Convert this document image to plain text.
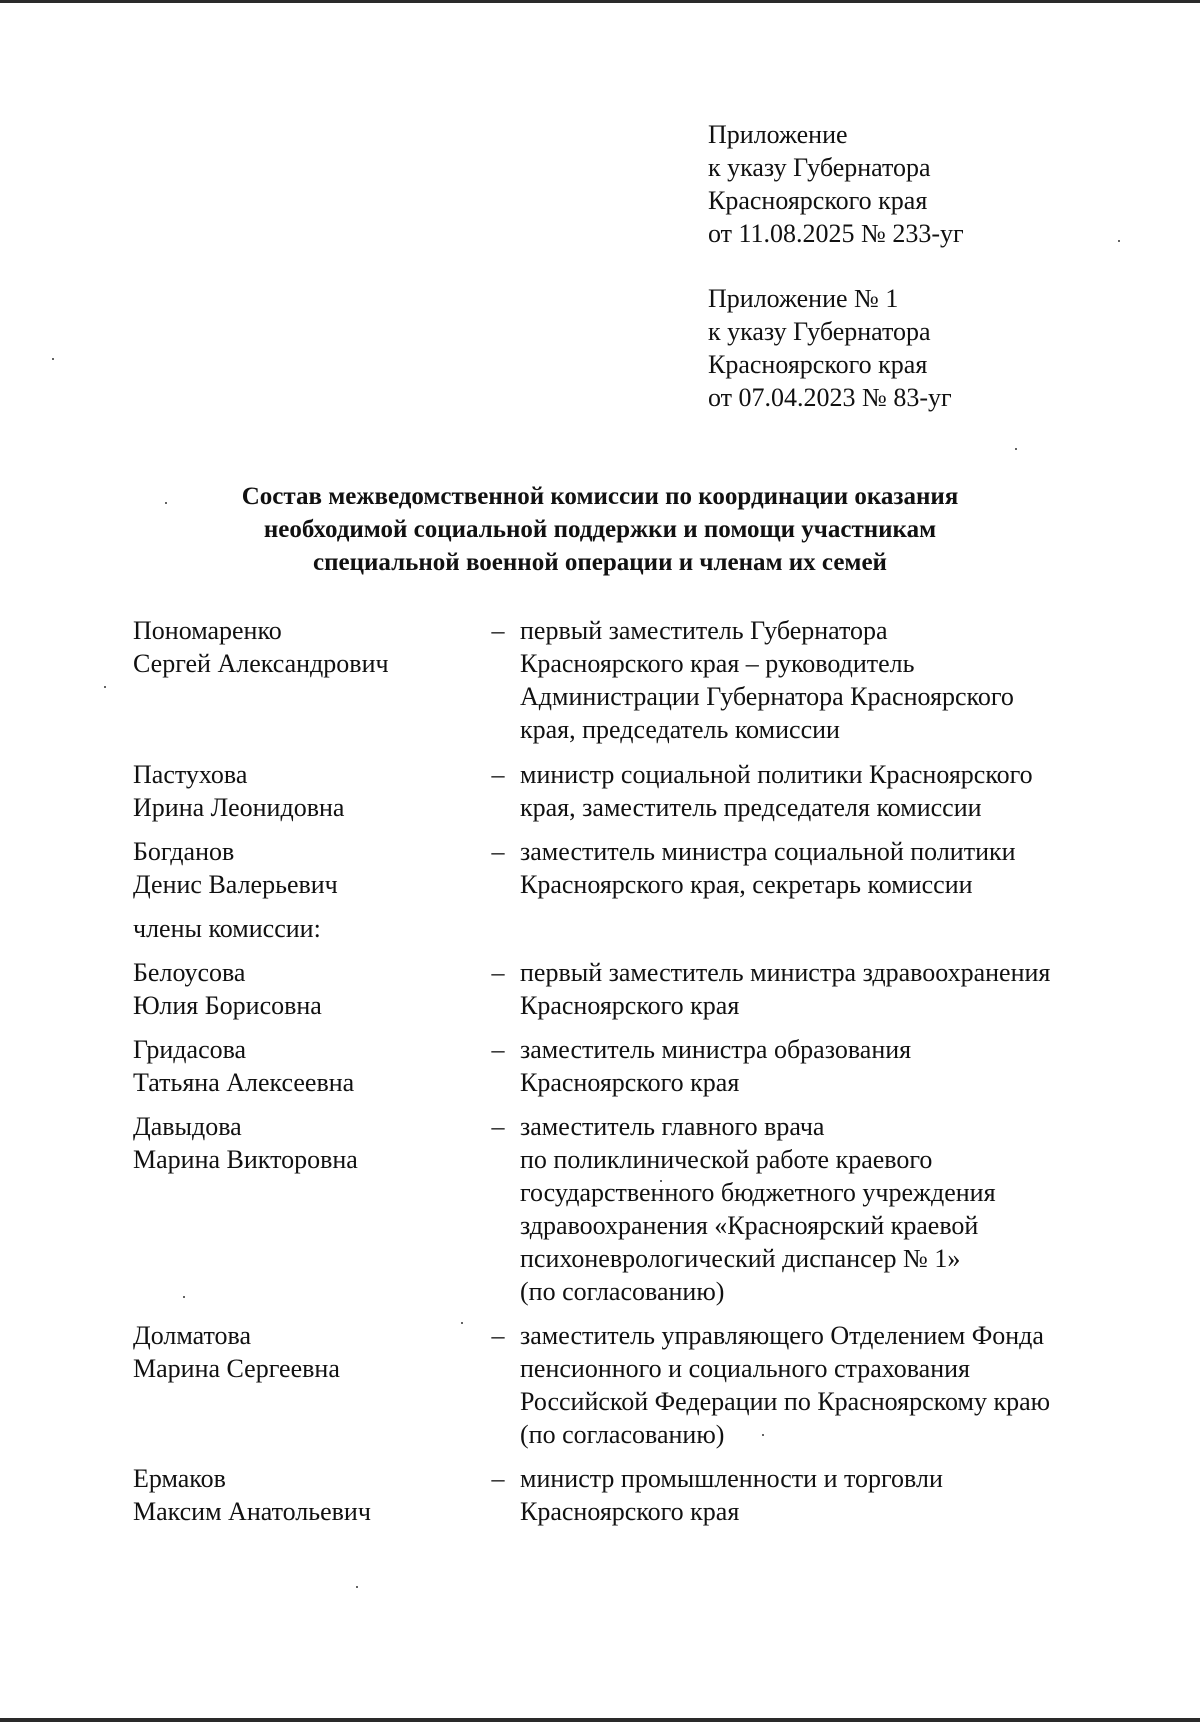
Приложение
к указу Губернатора
Красноярского края
от 11.08.2025 № 233-уг
Приложение № 1
к указу Губернатора
Красноярского края
от 07.04.2023 № 83-уг
Состав межведомственной комиссии по координации оказания
необходимой социальной поддержки и помощи участникам
специальной военной операции и членам их семей
Пономаренко
Сергей Александрович
– первый заместитель Губернатора
Красноярского края – руководитель
Администрации Губернатора Красноярского
края, председатель комиссии
Пастухова
Ирина Леонидовна
– министр социальной политики Красноярского
края, заместитель председателя комиссии
Богданов
Денис Валерьевич
– заместитель министра социальной политики
Красноярского края, секретарь комиссии
члены комиссии:
Белоусова
Юлия Борисовна
– первый заместитель министра здравоохранения
Красноярского края
Гридасова
Татьяна Алексеевна
– заместитель министра образования
Красноярского края
Давыдова
Марина Викторовна
– заместитель главного врача
по поликлинической работе краевого
государственного бюджетного учреждения
здравоохранения «Красноярский краевой
психоневрологический диспансер № 1»
(по согласованию)
Долматова
Марина Сергеевна
– заместитель управляющего Отделением Фонда
пенсионного и социального страхования
Российской Федерации по Красноярскому краю
(по согласованию)
Ермаков
Максим Анатольевич
– министр промышленности и торговли
Красноярского края
